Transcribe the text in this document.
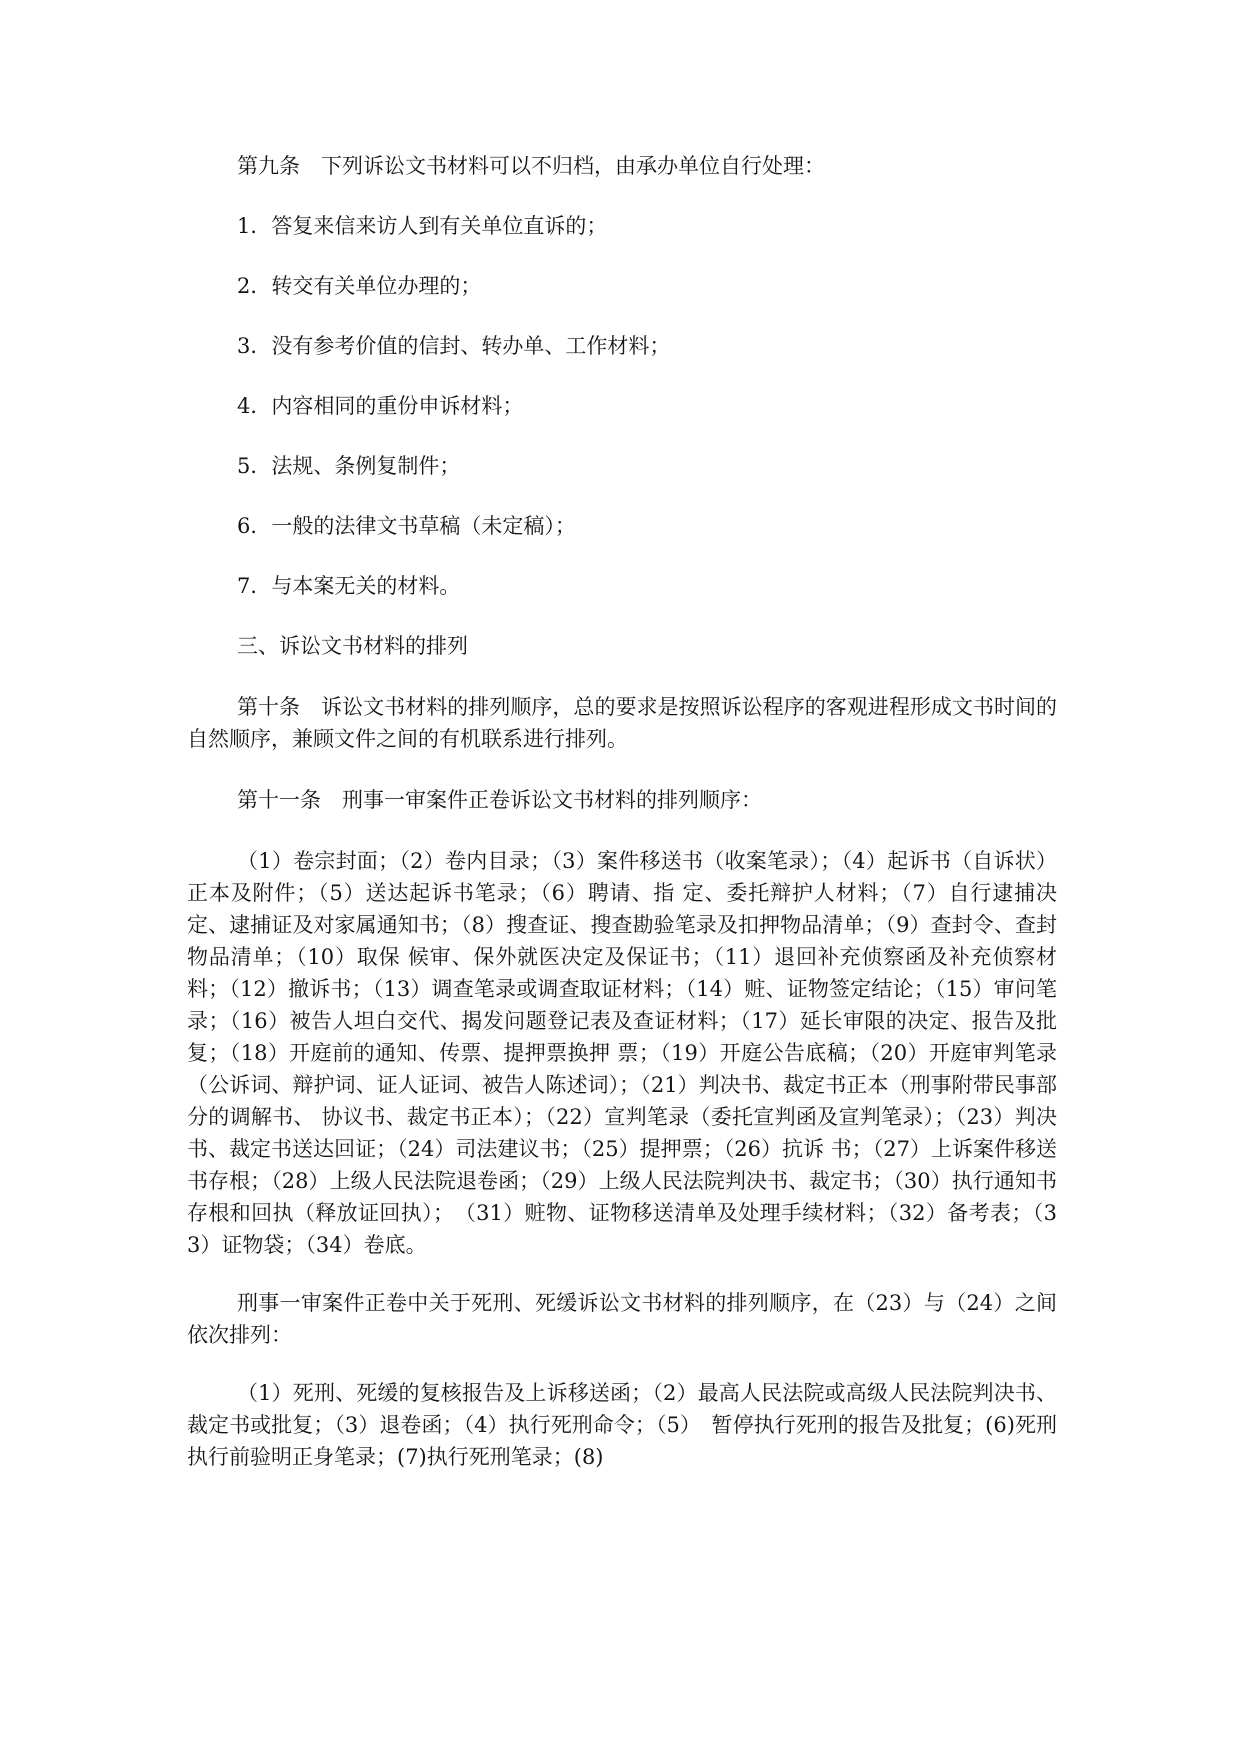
第九条　下列诉讼文书材料可以不归档，由承办单位自行处理：

1．答复来信来访人到有关单位直诉的；

2．转交有关单位办理的；

3．没有参考价值的信封、转办单、工作材料；

4．内容相同的重份申诉材料；

5．法规、条例复制件；

6．一般的法律文书草稿（未定稿）；

7．与本案无关的材料。

三、诉讼文书材料的排列

第十条　诉讼文书材料的排列顺序，总的要求是按照诉讼程序的客观进程形成文书时间的自然顺序，兼顾文件之间的有机联系进行排列。

第十一条　刑事一审案件正卷诉讼文书材料的排列顺序：

（1）卷宗封面；（2）卷内目录；（3）案件移送书（收案笔录）；（4）起诉书（自诉状）正本及附件；（5）送达起诉书笔录；（6）聘请、指 定、委托辩护人材料；（7）自行逮捕决定、逮捕证及对家属通知书；（8）搜查证、搜查勘验笔录及扣押物品清单；（9）查封令、查封物品清单；（10）取保 候审、保外就医决定及保证书；（11）退回补充侦察函及补充侦察材料；（12）撤诉书；（13）调查笔录或调查取证材料；（14）赃、证物签定结论；（15）审问笔录；（16）被告人坦白交代、揭发问题登记表及查证材料；（17）延长审限的决定、报告及批复；（18）开庭前的通知、传票、提押票换押 票；（19）开庭公告底稿；（20）开庭审判笔录（公诉词、辩护词、证人证词、被告人陈述词）；（21）判决书、裁定书正本（刑事附带民事部分的调解书、 协议书、裁定书正本）；（22）宣判笔录（委托宣判函及宣判笔录）；（23）判决书、裁定书送达回证；（24）司法建议书；（25）提押票；（26）抗诉 书；（27）上诉案件移送书存根；（28）上级人民法院退卷函；（29）上级人民法院判决书、裁定书；（30）执行通知书存根和回执（释放证回执）；　（31）赃物、证物移送清单及处理手续材料；（32）备考表；（33）证物袋；（34）卷底。

刑事一审案件正卷中关于死刑、死缓诉讼文书材料的排列顺序，在（23）与（24）之间依次排列：

（1）死刑、死缓的复核报告及上诉移送函；（2）最高人民法院或高级人民法院判决书、裁定书或批复；（3）退卷函；（4）执行死刑命令；（5）　暂停执行死刑的报告及批复；(6)死刑执行前验明正身笔录；(7)执行死刑笔录；(8)
